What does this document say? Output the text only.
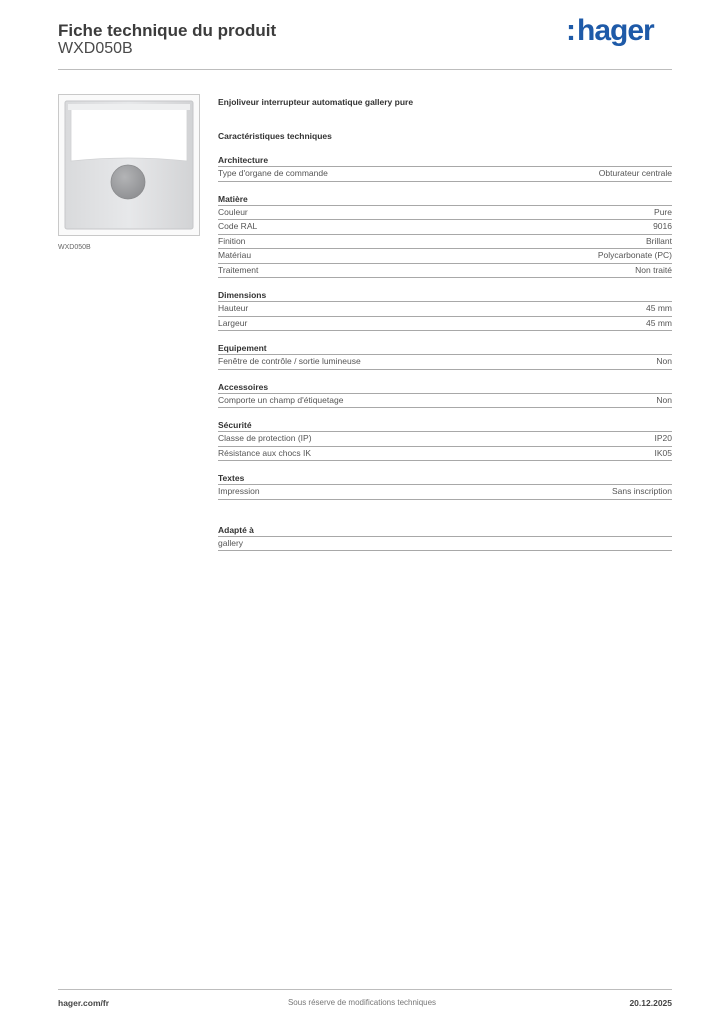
Fiche technique du produit
WXD050B
:hager
WXD050B
Enjoliveur interrupteur automatique gallery pure
Caractéristiques techniques
Architecture
Type d'organe de commande	Obturateur centrale
Matière
Couleur	Pure
Code RAL	9016
Finition	Brillant
Matériau	Polycarbonate (PC)
Traitement	Non traité
Dimensions
Hauteur	45 mm
Largeur	45 mm
Equipement
Fenêtre de contrôle / sortie lumineuse	Non
Accessoires
Comporte un champ d'étiquetage	Non
Sécurité
Classe de protection (IP)	IP20
Résistance aux chocs IK	IK05
Textes
Impression	Sans inscription
Adapté à
gallery
hager.com/fr	Sous réserve de modifications techniques	20.12.2025
